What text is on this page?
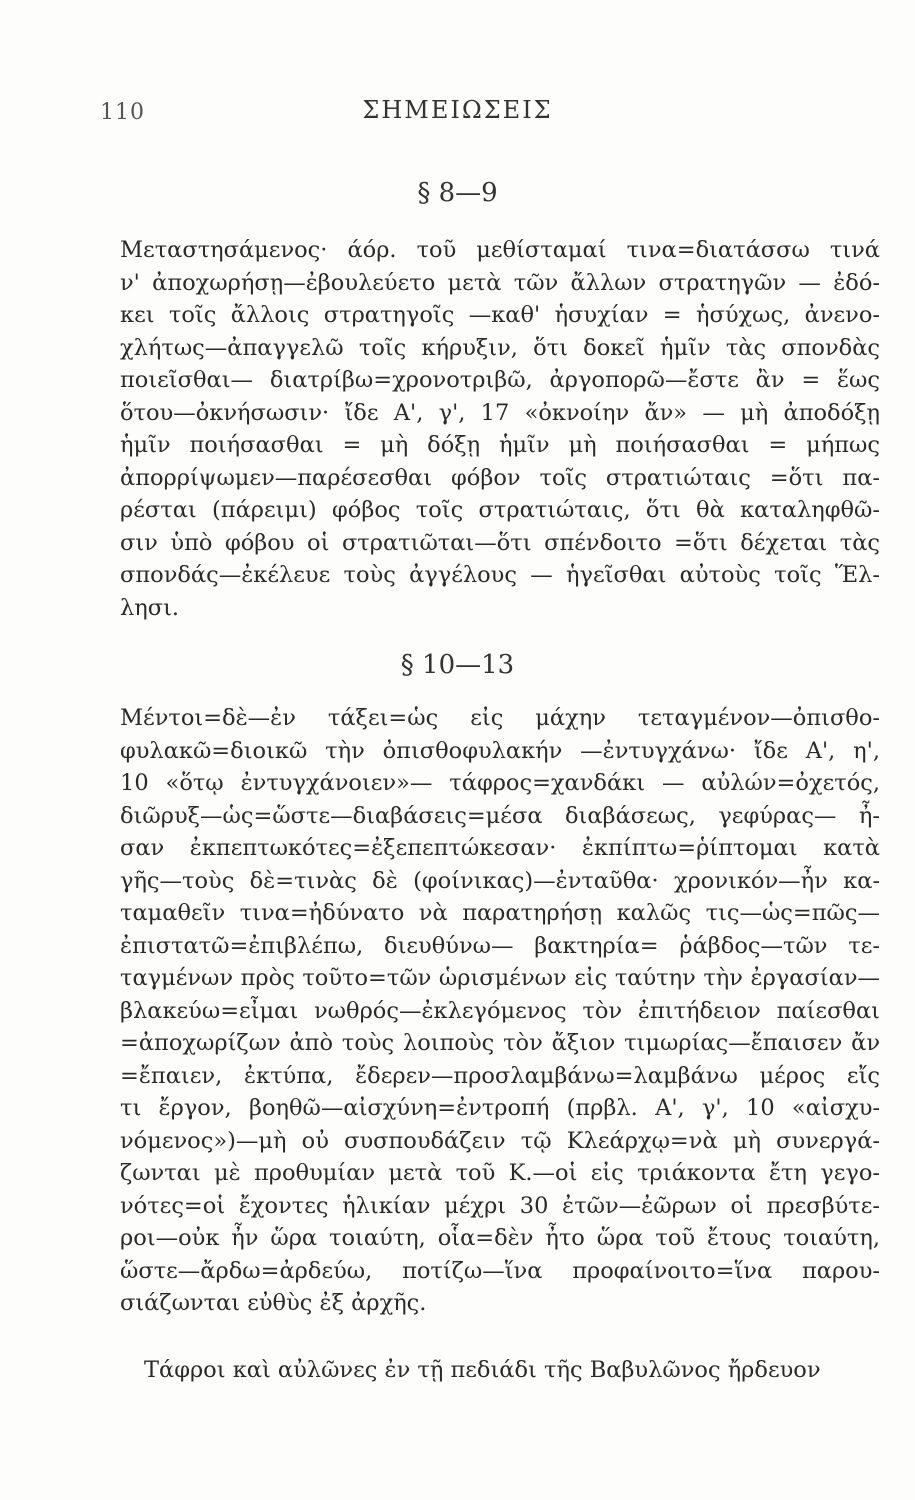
110	ΣΗΜΕΙΩΣΕΙΣ
§ 8—9
Μεταστησάμενος· άόρ. τοῦ μεθίσταμαί τινα=διατάσσω τινά
ν' ἀποχωρήσῃ—ἐβουλεύετο μετὰ τῶν ἄλλων στρατηγῶν — ἐδό-
κει τοῖς ἄλλοις στρατηγοῖς —καθ' ἡσυχίαν = ἡσύχως, ἀνενο-
χλήτως—ἀπαγγελῶ τοῖς κήρυξιν, ὅτι δοκεῖ ἡμῖν τὰς σπονδὰς
ποιεῖσθαι— διατρίβω=χρονοτριβῶ, ἀργοπορῶ—ἔστε ἂν = ἕως
ὅτου—ὀκνήσωσιν· ἴδε Α', γ', 17 «ὀκνοίην ἄν» — μὴ ἀποδόξῃ
ἡμῖν ποιήσασθαι = μὴ δόξῃ ἡμῖν μὴ ποιήσασθαι = μήπως
ἀπορρίψωμεν—παρέσεσθαι φόβον τοῖς στρατιώταις =ὅτι πα-
ρέσται (πάρειμι) φόβος τοῖς στρατιώταις, ὅτι θὰ καταληφθῶ-
σιν ὑπὸ φόβου οἱ στρατιῶται—ὅτι σπένδοιτο =ὅτι δέχεται τὰς
σπονδάς—ἐκέλευε τοὺς ἀγγέλους — ἡγεῖσθαι αὐτοὺς τοῖς Ἕλ-
λησι.
§ 10—13
Μέντοι=δὲ—ἐν τάξει=ὡς εἰς μάχην τεταγμένον—ὀπισθο-
φυλακῶ=διοικῶ τὴν ὀπισθοφυλακήν —ἐντυγχάνω· ἴδε Α', η',
10 «ὅτῳ ἐντυγχάνοιεν»— τάφρος=χανδάκι — αὐλών=ὀχετός,
διῶρυξ—ὡς=ὥστε—διαβάσεις=μέσα διαβάσεως, γεφύρας— ἦ-
σαν ἐκπεπτωκότες=ἐξεπεπτώκεσαν· ἐκπίπτω=ῥίπτομαι κατὰ
γῆς—τοὺς δὲ=τινὰς δὲ (φοίνικας)—ἐνταῦθα· χρονικόν—ἦν κα-
ταμαθεῖν τινα=ἠδύνατο νὰ παρατηρήσῃ καλῶς τις—ὡς=πῶς—
ἐπιστατῶ=ἐπιβλέπω, διευθύνω— βακτηρία= ῥάβδος—τῶν τε-
ταγμένων πρὸς τοῦτο=τῶν ὡρισμένων εἰς ταύτην τὴν ἐργασίαν—
βλακεύω=εἶμαι νωθρός—ἐκλεγόμενος τὸν ἐπιτήδειον παίεσθαι
=ἀποχωρίζων ἀπὸ τοὺς λοιποὺς τὸν ἄξιον τιμωρίας—ἔπαισεν ἄν
=ἔπαιεν, ἐκτύπα, ἔδερεν—προσλαμβάνω=λαμβάνω μέρος εἴς
τι ἔργον, βοηθῶ—αἰσχύνη=ἐντροπή (πρβλ. Α', γ', 10 «αἰσχυ-
νόμενος»)—μὴ οὐ συσπουδάζειν τῷ Κλεάρχῳ=νὰ μὴ συνεργά-
ζωνται μὲ προθυμίαν μετὰ τοῦ Κ.—οἱ εἰς τριάκοντα ἔτη γεγο-
νότες=οἱ ἔχοντες ἡλικίαν μέχρι 30 ἐτῶν—ἐῶρων οἱ πρεσβύτε-
ροι—οὐκ ἦν ὥρα τοιαύτη, οἷα=δὲν ἦτο ὥρα τοῦ ἔτους τοιαύτη,
ὥστε—ἄρδω=ἀρδεύω, ποτίζω—ἵνα προφαίνοιτο=ἵνα παρου-
σιάζωνται εὐθὺς ἐξ ἀρχῆς.
Τάφροι καὶ αὐλῶνες ἐν τῇ πεδιάδι τῆς Βαβυλῶνος ἤρδευον
